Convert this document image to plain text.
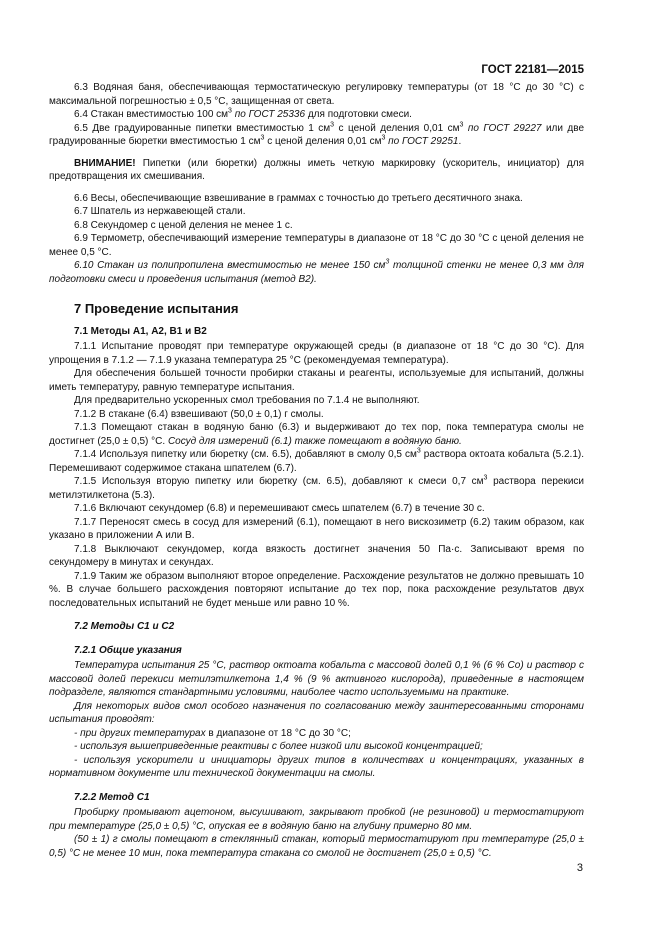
ГОСТ 22181—2015

6.3 Водяная баня, обеспечивающая термостатическую регулировку температуры (от 18 °С до 30 °С) с максимальной погрешностью ± 0,5 °С, защищенная от света.

6.4 Стакан вместимостью 100 $см^3$ по ГОСТ 25336 для подготовки смеси.

6.5 Две градуированные пипетки вместимостью 1 $см^3$ с ценой деления 0,01 $см^3$ по ГОСТ 29227 или две градуированные бюретки вместимостью 1 $см^3$ с ценой деления 0,01 $см^3$ по ГОСТ 29251.

ВНИМАНИЕ! Пипетки (или бюретки) должны иметь четкую маркировку (ускоритель, инициатор) для предотвращения их смешивания.

6.6 Весы, обеспечивающие взвешивание в граммах с точностью до третьего десятичного знака.

6.7 Шпатель из нержавеющей стали.

6.8 Секундомер с ценой деления не менее 1 с.

6.9 Термометр, обеспечивающий измерение температуры в диапазоне от 18 °С до 30 °С с ценой деления не менее 0,5 °С.

6.10 Стакан из полипропилена вместимостью не менее 150 $см^3$ толщиной стенки не менее 0,3 мм для подготовки смеси и проведения испытания (метод В2).

7 Проведение испытания
7.1 Методы А1, А2, В1 и В2

7.1.1 Испытание проводят при температуре окружающей среды (в диапазоне от 18 °С до 30 °С). Для упрощения в 7.1.2 — 7.1.9 указана температура 25 °С (рекомендуемая температура).

Для обеспечения большей точности пробирки стаканы и реагенты, используемые для испытаний, должны иметь температуру, равную температуре испытания.

Для предварительно ускоренных смол требования по 7.1.4 не выполняют.

7.1.2 В стакане (6.4) взвешивают (50,0 ± 0,1) г смолы.

7.1.3 Помещают стакан в водяную баню (6.3) и выдерживают до тех пор, пока температура смолы не достигнет (25,0 ± 0,5) °С. Сосуд для измерений (6.1) также помещают в водяную баню.

7.1.4 Используя пипетку или бюретку (см. 6.5), добавляют в смолу 0,5 $см^3$ раствора октоата кобальта (5.2.1). Перемешивают содержимое стакана шпателем (6.7).

7.1.5 Используя вторую пипетку или бюретку (см. 6.5), добавляют к смеси 0,7 $см^3$ раствора перекиси метилэтилкетона (5.3).

7.1.6 Включают секундомер (6.8) и перемешивают смесь шпателем (6.7) в течение 30 с.

7.1.7 Переносят смесь в сосуд для измерений (6.1), помещают в него вискозиметр (6.2) таким образом, как указано в приложении А или В.

7.1.8 Выключают секундомер, когда вязкость достигнет значения 50 Па·с. Записывают время по секундомеру в минутах и секундах.

7.1.9 Таким же образом выполняют второе определение. Расхождение результатов не должно превышать 10 %. В случае большего расхождения повторяют испытание до тех пор, пока расхождение результатов двух последовательных испытаний не будет меньше или равно 10 %.

7.2 Методы С1 и С2
7.2.1 Общие указания

Температура испытания 25 °С, раствор октоата кобальта с массовой долей 0,1 % (6 % Co) и раствор с массовой долей перекиси метилэтилкетона 1,4 % (9 % активного кислорода), приведенные в настоящем подразделе, являются стандартными условиями, наиболее часто используемыми на практике.

Для некоторых видов смол особого назначения по согласованию между заинтересованными сторонами испытания проводят:

- при других температурах в диапазоне от 18 °С до 30 °С;

- используя вышеприведенные реактивы с более низкой или высокой концентрацией;

- используя ускорители и инициаторы других типов в количествах и концентрациях, указанных в нормативном документе или технической документации на смолы.

7.2.2 Метод С1

Пробирку промывают ацетоном, высушивают, закрывают пробкой (не резиновой) и термостатируют при температуре (25,0 ± 0,5) °С, опуская ее в водяную баню на глубину примерно 80 мм.

(50 ± 1) г смолы помещают в стеклянный стакан, который термостатируют при температуре (25,0 ± 0,5) °С не менее 10 мин, пока температура стакана со смолой не достигнет (25,0 ± 0,5) °С.

3
